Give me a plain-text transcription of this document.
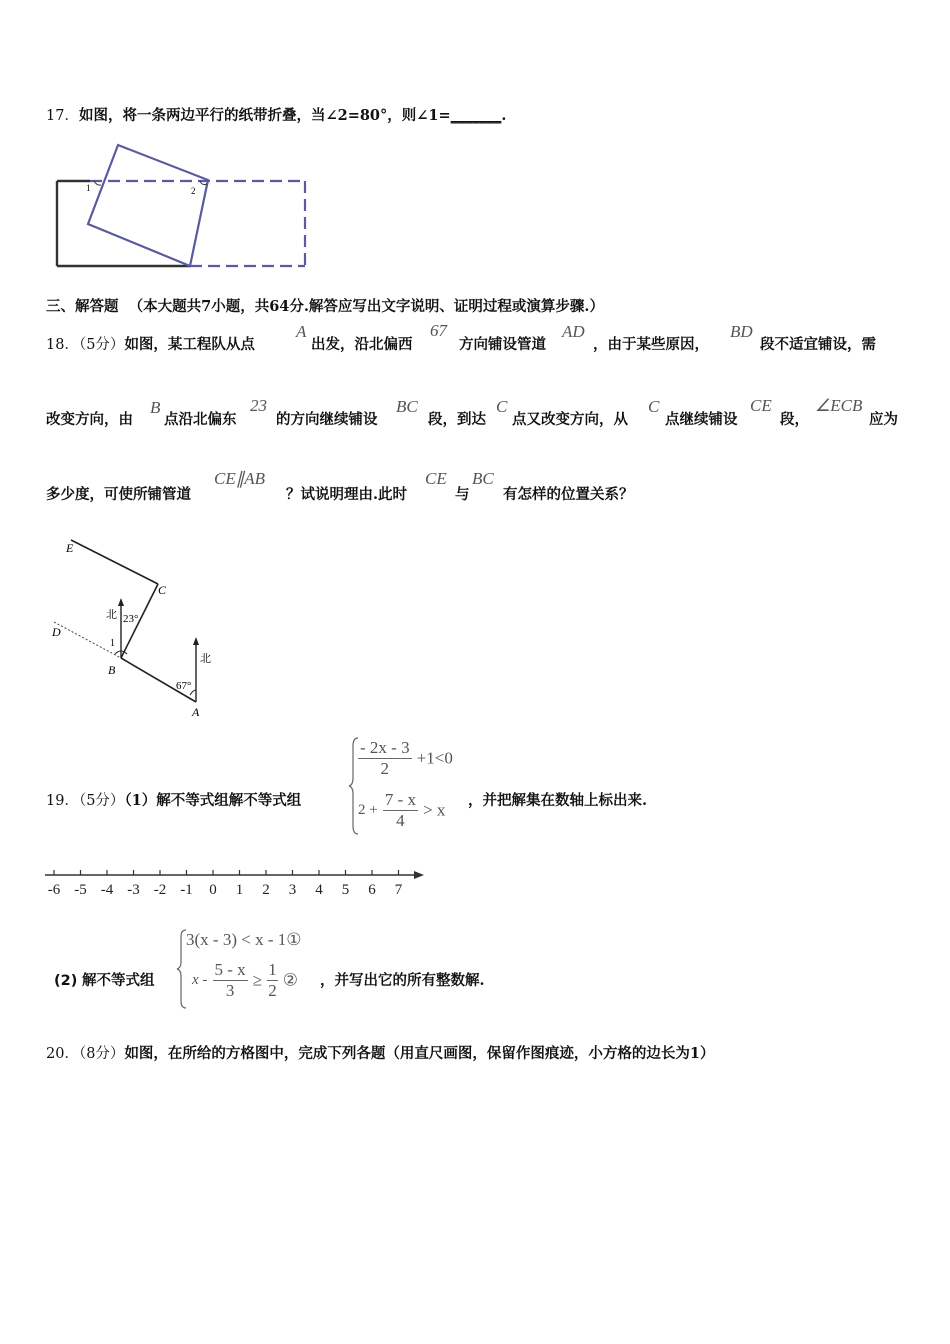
17．如图，将一条两边平行的纸带折叠，当∠2=80°，则∠1=_______.
1	2
三、解答题 （本大题共7小题，共64分.解答应写出文字说明、证明过程或演算步骤.）
18．（5分）如图，某工程队从点
A
出发，沿北偏西
67
方向铺设管道
AD
，由于某些原因，
BD
段不适宜铺设，需
改变方向，由
B
点沿北偏东
23
的方向继续铺设
BC
段，到达
C
点又改变方向，从
C
点继续铺设
CE
段，
∠ECB
应为
多少度，可使所铺管道
CE∥AB
？试说明理由.此时
CE
与
BC
有怎样的位置关系？
E
C
D
B
A
北
北
23°
67°
1
19．（5分）（1）解不等式组解不等式组
$\frac{- 2x - 3}{2} +1<0$
$2 + \frac{7 - x}{4} > x$ ，并把解集在数轴上标出来.
-6 -5 -4 -3 -2 -1 0 1 2 3 4 5 6 7
3(x - 3) < x - 1①
(2) 解不等式组	$x - \frac{5 - x}{3} \ge \frac{1}{2}$ ② ，并写出它的所有整数解.
20．（8分）如图，在所给的方格图中，完成下列各题（用直尺画图，保留作图痕迹，小方格的边长为1）
